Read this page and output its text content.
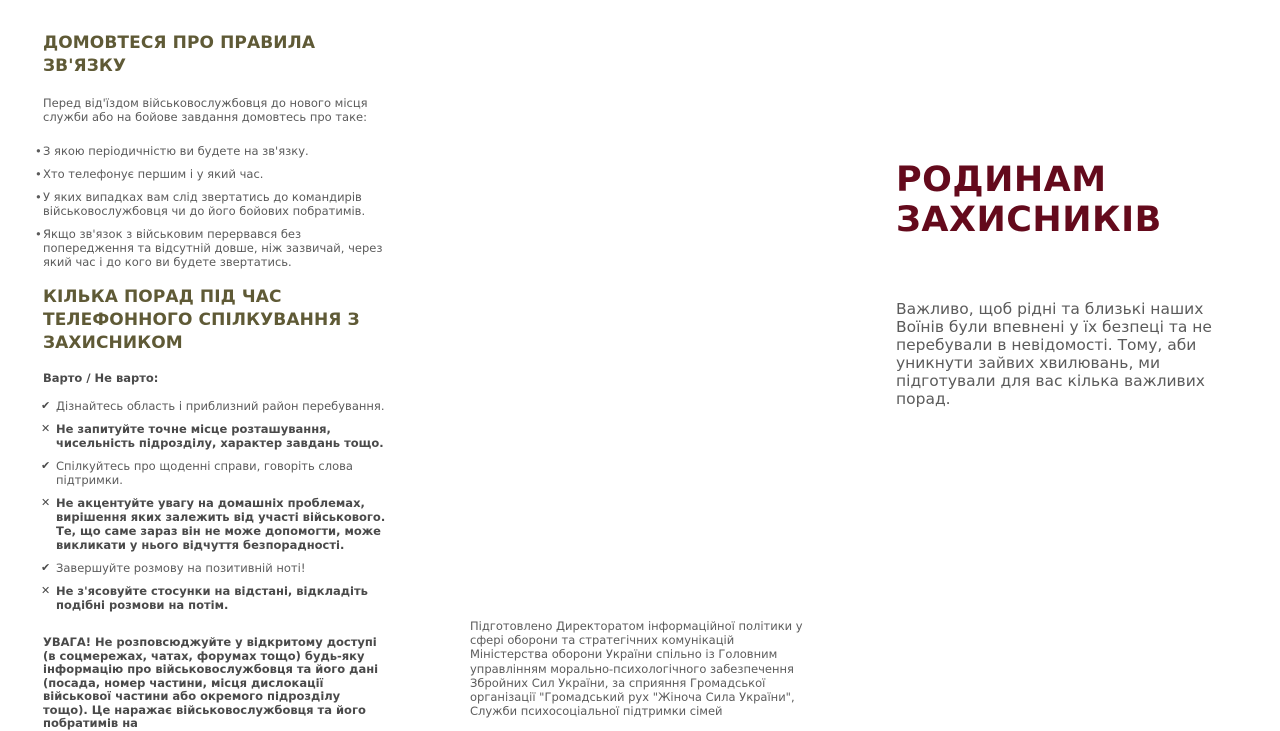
ДОМОВТЕСЯ ПРО ПРАВИЛА ЗВ'ЯЗКУ

Перед від'їздом військовослужбовця до нового місця служби або на бойове завдання домовтесь про таке:

• З якою періодичністю ви будете на зв'язку.
• Хто телефонує першим і у який час.
• У яких випадках вам слід звертатись до командирів військовослужбовця чи до його бойових побратимів.
• Якщо зв'язок з військовим перервався без попередження та відсутній довше, ніж зазвичай, через який час і до кого ви будете звертатись.
КІЛЬКА ПОРАД ПІД ЧАС ТЕЛЕФОННОГО СПІЛКУВАННЯ З ЗАХИСНИКОМ

Варто / Не варто:

✔ Дізнайтесь область і приблизний район перебування.
✕ Не запитуйте точне місце розташування, чисельність підрозділу, характер завдань тощо.
✔ Спілкуйтесь про щоденні справи, говоріть слова підтримки.
✕ Не акцентуйте увагу на домашніх проблемах, вирішення яких залежить від участі військового. Те, що саме зараз він не може допомогти, може викликати у нього відчуття безпорадності.
✔ Завершуйте розмову на позитивній ноті!
✕ Не з'ясовуйте стосунки на відстані, відкладіть подібні розмови на потім.

УВАГА! Не розповсюджуйте у відкритому доступі (в соцмережах, чатах, форумах тощо) будь-яку інформацію про військовослужбовця та його дані (посада, номер частини, місця дислокації військової частини або окремого підрозділу тощо). Це наражає військовослужбовця та його побратимів на

Підготовлено Директоратом інформаційної політики у сфері оборони та стратегічних комунікацій Міністерства оборони України спільно із Головним управлінням морально-психологічного забезпечення Збройних Сил України, за сприяння Громадської організації "Громадський рух "Жіноча Сила України", Служби психосоціальної підтримки сімей
РОДИНАМ
ЗАХИСНИКІВ

Важливо, щоб рідні та близькі наших Воїнів були впевнені у їх безпеці та не перебували в невідомості. Тому, аби уникнути зайвих хвилювань, ми підготували для вас кілька важливих порад.
